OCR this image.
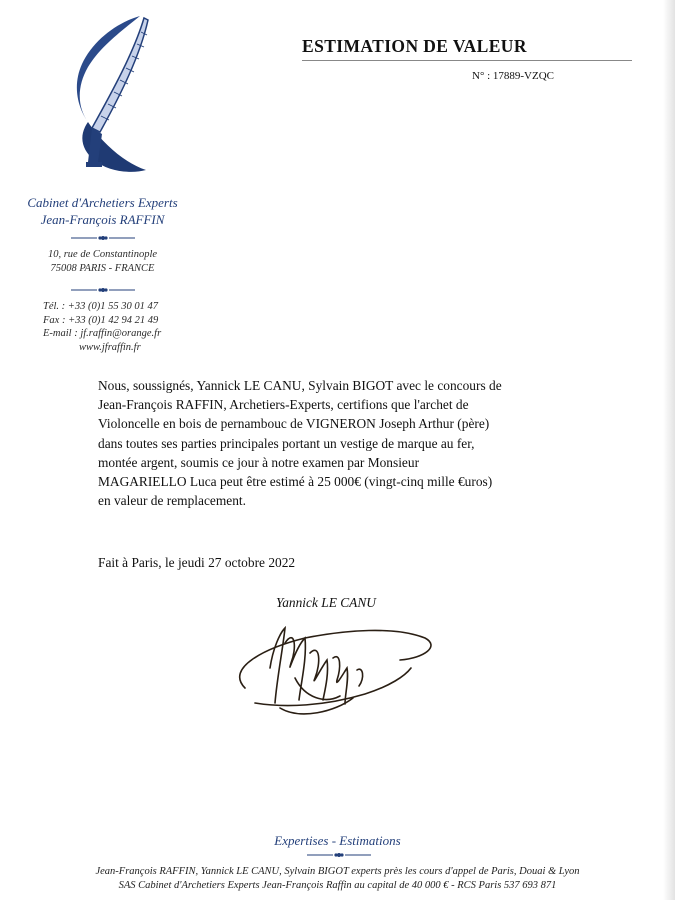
Cabinet d'Archetiers Experts
Jean-François RAFFIN
10, rue de Constantinople
75008 PARIS - FRANCE
Tél. : +33 (0)1 55 30 01 47
Fax : +33 (0)1 42 94 21 49
E-mail : jf.raffin@orange.fr
www.jfraffin.fr
ESTIMATION DE VALEUR
N° : 17889-VZQC

Nous, soussignés, Yannick LE CANU, Sylvain BIGOT avec le concours de

Jean-François RAFFIN, Archetiers-Experts, certifions que l'archet de

Violoncelle en bois de pernambouc de VIGNERON Joseph Arthur (père)

dans toutes ses parties principales portant un vestige de marque au fer,

montée argent, soumis ce jour à notre examen par Monsieur

MAGARIELLO Luca peut être estimé à 25 000€ (vingt-cinq mille €uros)

en valeur de remplacement.

Fait à Paris, le jeudi 27 octobre 2022
Yannick LE CANU
Expertises - Estimations
Jean-François RAFFIN, Yannick LE CANU, Sylvain BIGOT experts près les cours d'appel de Paris, Douai & Lyon
SAS Cabinet d'Archetiers Experts Jean-François Raffin au capital de 40 000 € - RCS Paris 537 693 871
